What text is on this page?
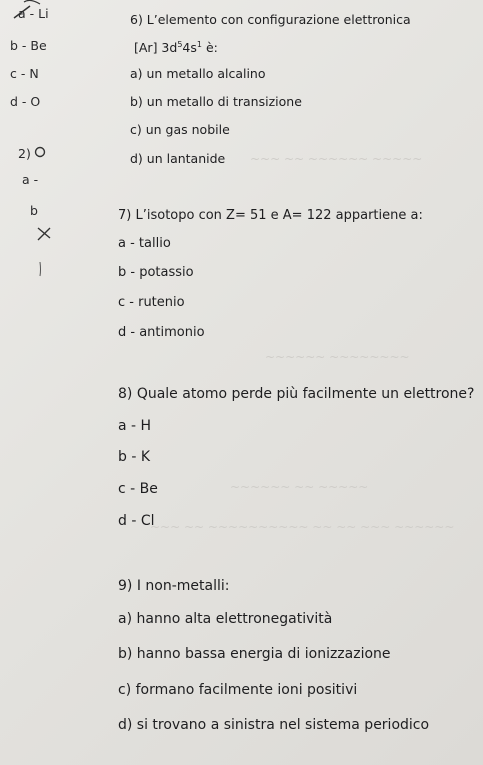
~~~ ~~ ~~~~~~ ~~~~~
~~~~~~ ~~~~~~~~
~~~~~~ ~~ ~~~~~
~~~ ~~ ~~~~~~~~~~ ~~ ~~ ~~~ ~~~~~~
a - Li
b - Be
c - N
d - O
2)
a -
b
6) L’elemento con configurazione elettronica
[Ar] $3d^54s^1$ è:
a) un metallo alcalino
b) un metallo di transizione
c) un gas nobile
d) un lantanide
7) L’isotopo con Z= 51 e A= 122 appartiene a:
a - tallio
b - potassio
c - rutenio
d - antimonio
8) Quale atomo perde più facilmente un elettrone?
a - H
b - K
c - Be
d - Cl
9) I non-metalli:
a) hanno alta elettronegatività
b) hanno bassa energia di ionizzazione
c) formano facilmente ioni positivi
d) si trovano a sinistra nel sistema periodico
